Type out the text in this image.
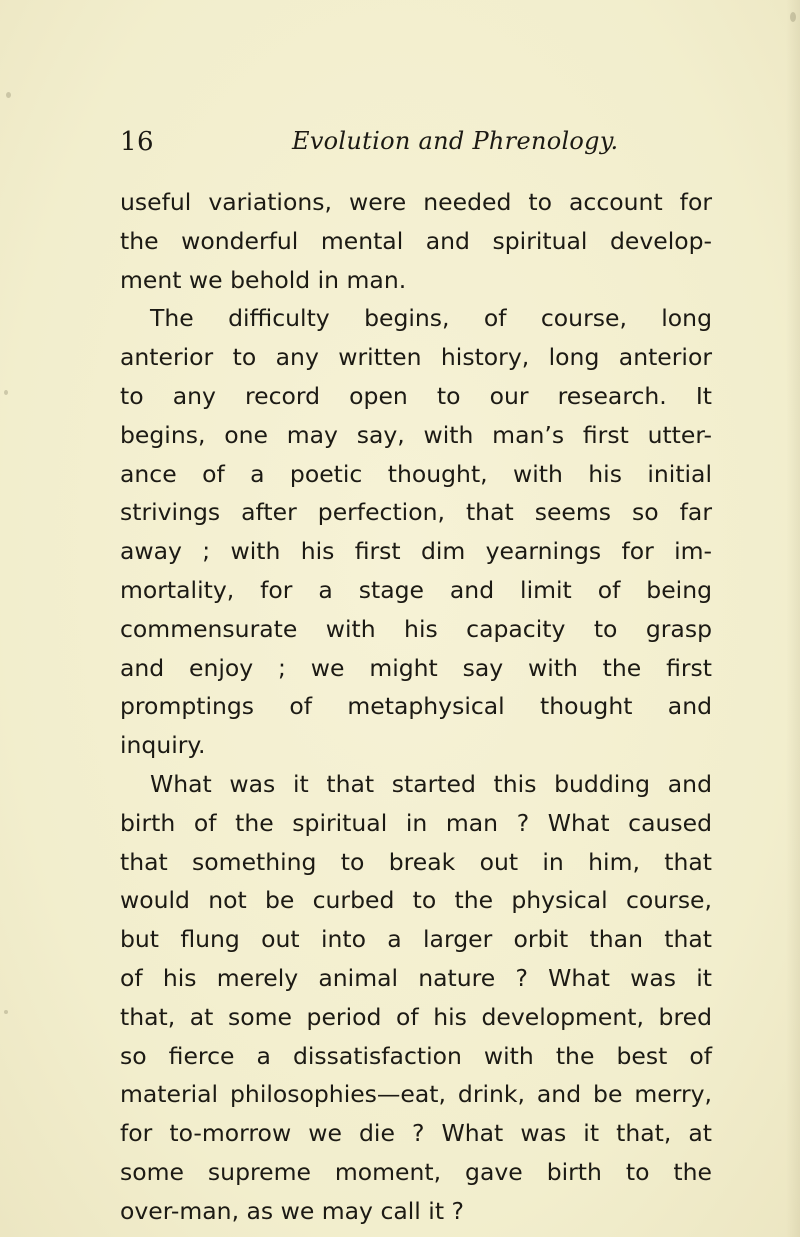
16	Evolution and Phrenology.
useful variations, were needed to account for
the wonderful mental and spiritual develop-
ment we behold in man.
The difficulty begins, of course, long
anterior to any written history, long anterior
to any record open to our research. It
begins, one may say, with man’s first utter-
ance of a poetic thought, with his initial
strivings after perfection, that seems so far
away ; with his first dim yearnings for im-
mortality, for a stage and limit of being
commensurate with his capacity to grasp
and enjoy ; we might say with the first
promptings of metaphysical thought and
inquiry.
What was it that started this budding and
birth of the spiritual in man ? What caused
that something to break out in him, that
would not be curbed to the physical course,
but flung out into a larger orbit than that
of his merely animal nature ? What was it
that, at some period of his development, bred
so fierce a dissatisfaction with the best of
material philosophies—eat, drink, and be merry,
for to-morrow we die ? What was it that, at
some supreme moment, gave birth to the
over-man, as we may call it ?
